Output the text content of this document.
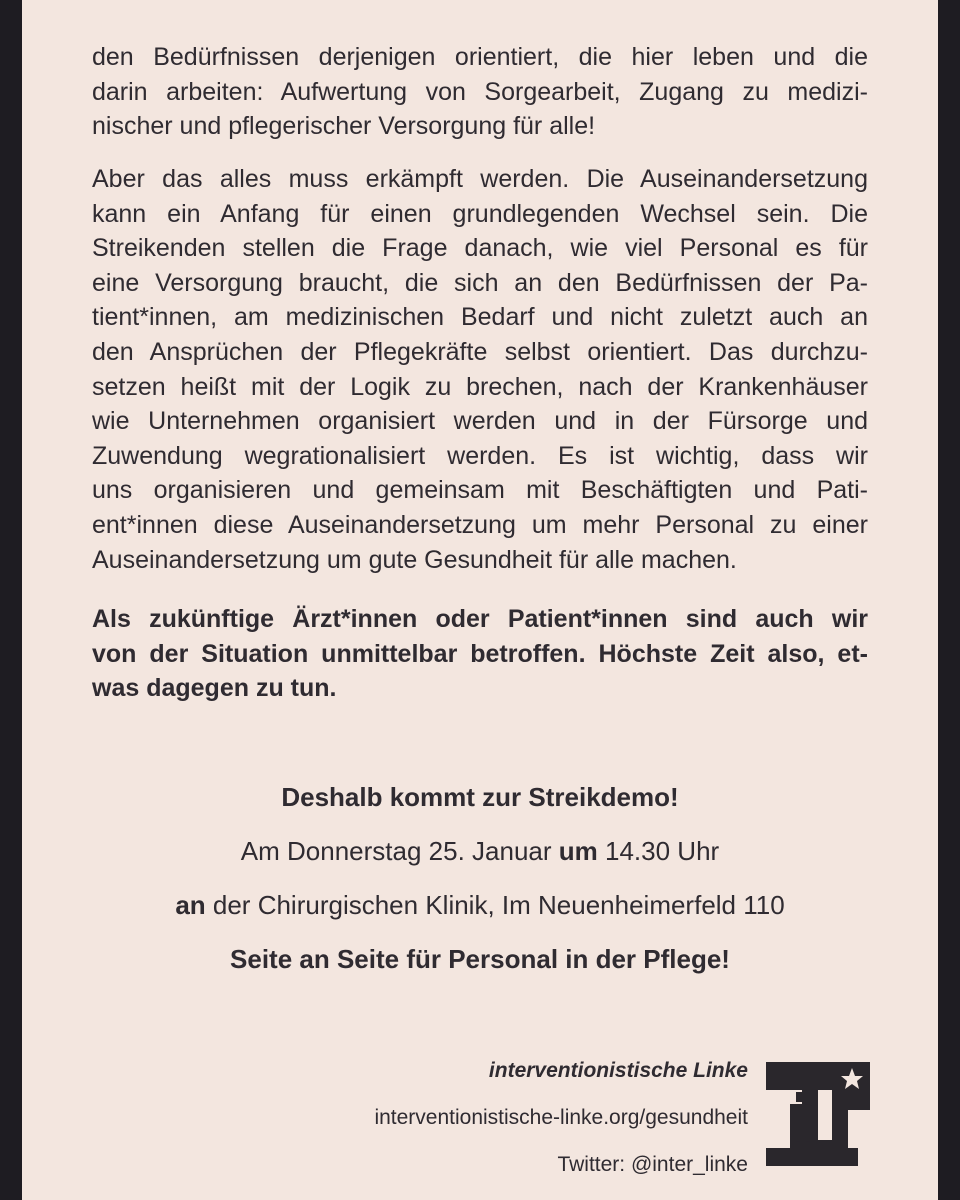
den Bedürfnissen derjenigen orientiert, die hier leben und die
darin arbeiten: Aufwertung von Sorgearbeit, Zugang zu medizi-
nischer und pflegerischer Versorgung für alle!
Aber das alles muss erkämpft werden. Die Auseinandersetzung
kann ein Anfang für einen grundlegenden Wechsel sein. Die
Streikenden stellen die Frage danach, wie viel Personal es für
eine Versorgung braucht, die sich an den Bedürfnissen der Pa-
tient*innen, am medizinischen Bedarf und nicht zuletzt auch an
den Ansprüchen der Pflegekräfte selbst orientiert. Das durchzu-
setzen heißt mit der Logik zu brechen, nach der Krankenhäuser
wie Unternehmen organisiert werden und in der Fürsorge und
Zuwendung wegrationalisiert werden. Es ist wichtig, dass wir
uns organisieren und gemeinsam mit Beschäftigten und Pati-
ent*innen diese Auseinandersetzung um mehr Personal zu einer
Auseinandersetzung um gute Gesundheit für alle machen.
Als zukünftige Ärzt*innen oder Patient*innen sind auch wir
von der Situation unmittelbar betroffen. Höchste Zeit also, et-
was dagegen zu tun.

Deshalb kommt zur Streikdemo!

Am Donnerstag 25. Januar um 14.30 Uhr

an der Chirurgischen Klinik, Im Neuenheimerfeld 110

Seite an Seite für Personal in der Pflege!

interventionistische Linke

interventionistische-linke.org/gesundheit

Twitter: @inter_linke
